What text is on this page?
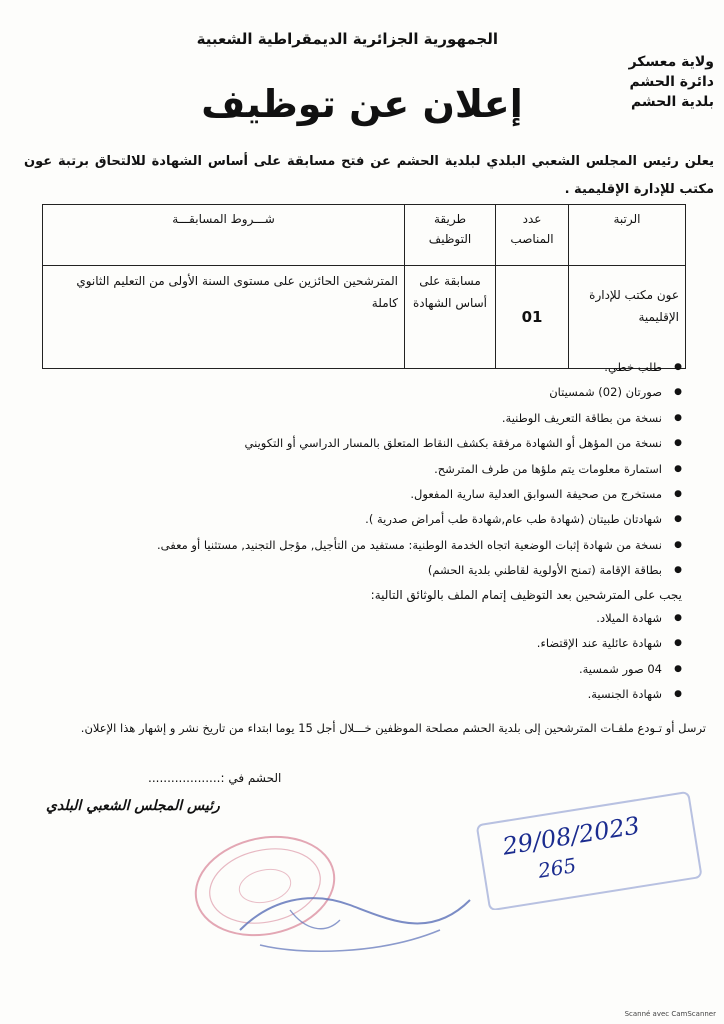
الجمهورية الجزائرية الديمقراطية الشعبية
ولاية معسكر
دائرة الحشم
بلدية الحشم
إعلان عن توظيف
يعلن رئيس المجلس الشعبي البلدي لبلدية الحشم عن فتح مسابقة على أساس الشهادة للالتحاق برتبة عون مكتب للإدارة الإقليمية .
الرتبة	عدد المناصب	طريقة التوظيف	شـــروط المسابقـــة
عون مكتب للإدارة الإقليمية	01	مسابقة على أساس الشهادة	المترشحين الحائزين على مستوى السنة الأولى من التعليم الثانوي كاملة
● طلب خطي.
● صورتان (02) شمسيتان
● نسخة من بطاقة التعريف الوطنية.
● نسخة من المؤهل أو الشهادة مرفقة بكشف النقاط المتعلق بالمسار الدراسي أو التكويني
● استمارة معلومات يتم ملؤها من طرف المترشح.
● مستخرج من صحيفة السوابق العدلية سارية المفعول.
● شهادتان طبيتان (شهادة طب عام,شهادة طب أمراض صدرية ).
● نسخة من شهادة إثبات الوضعية اتجاه الخدمة الوطنية: مستفيد من التأجيل, مؤجل التجنيد, مستثنيا أو معفى.
● بطاقة الإقامة (تمنح الأولوية لقاطني بلدية الحشم)
يجب على المترشحين بعد التوظيف إتمام الملف بالوثائق التالية:
● شهادة الميلاد.
● شهادة عائلية عند الإقتضاء.
● 04 صور شمسية.
● شهادة الجنسية.
ترسل أو تـودع ملفـات المترشحين إلى بلدية الحشم مصلحة الموظفين خـــلال أجل 15 يوما ابتداء من تاريخ نشر و إشهار هذا الإعلان.
الحشم في :...................
رئيس المجلس الشعبي البلدي
29/08/2023
265
Scanné avec CamScanner
